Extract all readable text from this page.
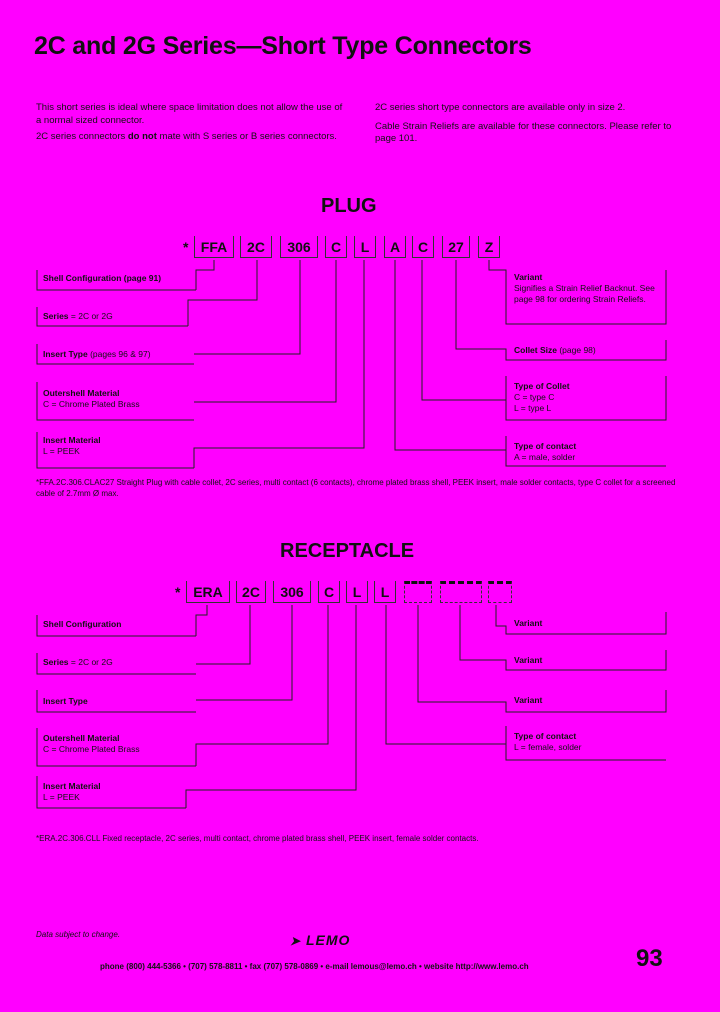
2C and 2G Series—Short Type Connectors
This short series is ideal where space limitation does not allow the use of a normal sized connector.
2C series connectors do not mate with S series or B series connectors.
2C series short type connectors are available only in size 2.
Cable Strain Reliefs are available for these connectors. Please refer to page 101.
PLUG
* FFA	2C	306	C	L	A	C	27	Z
Shell Configuration (page 91)
Series = 2C or 2G
Insert Type (pages 96 & 97)
Outershell Material
C = Chrome Plated Brass
Insert Material
L = PEEK
Variant
Signifies a Strain Relief Backnut. See page 98 for ordering Strain Reliefs.
Collet Size (page 98)
Type of Collet
C = type C
L = type L
Type of contact
A = male, solder
*FFA.2C.306.CLAC27 Straight Plug with cable collet, 2C series, multi contact (6 contacts), chrome plated brass shell, PEEK insert, male solder contacts, type C collet for a screened cable of 2.7mm Ø max.
RECEPTACLE
* ERA	2C	306	C	L	L
Shell Configuration
Series = 2C or 2G
Insert Type
Outershell Material
C = Chrome Plated Brass
Insert Material
L = PEEK
Variant
Variant
Variant
Type of contact
L = female, solder
*ERA.2C.306.CLL Fixed receptacle, 2C series, multi contact, chrome plated brass shell, PEEK insert, female solder contacts.
Data subject to change.	➤ LEMO
phone (800) 444-5366 • (707) 578-8811 • fax (707) 578-0869 • e-mail lemous@lemo.ch • website http://www.lemo.ch	93
